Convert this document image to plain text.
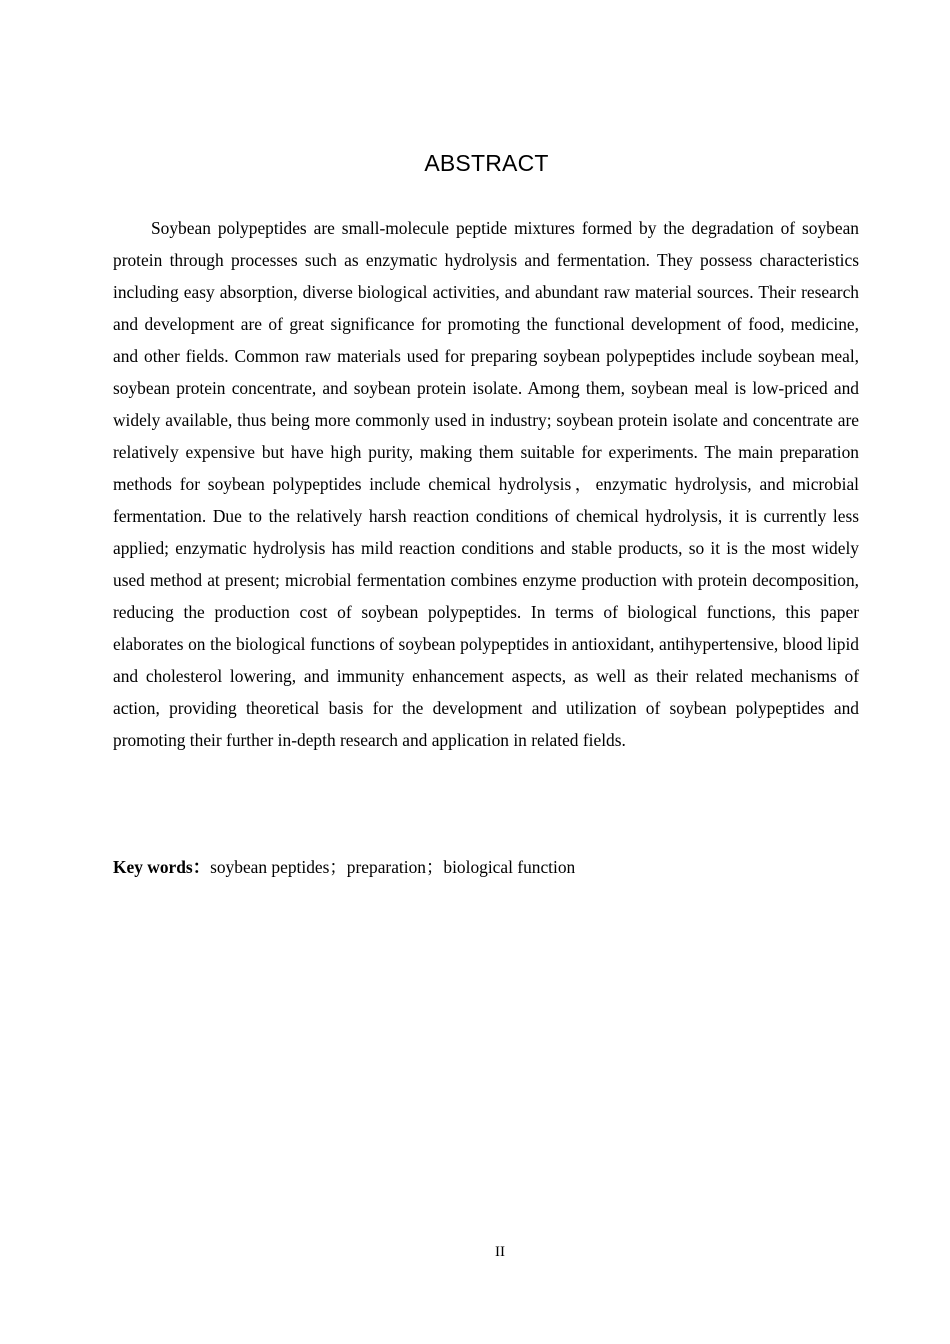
ABSTRACT

Soybean polypeptides are small-molecule peptide mixtures formed by the degradation of soybean protein through processes such as enzymatic hydrolysis and fermentation. They possess characteristics including easy absorption, diverse biological activities, and abundant raw material sources. Their research and development are of great significance for promoting the functional development of food, medicine, and other fields. Common raw materials used for preparing soybean polypeptides include soybean meal, soybean protein concentrate, and soybean protein isolate. Among them, soybean meal is low-priced and widely available, thus being more commonly used in industry; soybean protein isolate and concentrate are relatively expensive but have high purity, making them suitable for experiments. The main preparation methods for soybean polypeptides include chemical hydrolysis，enzymatic hydrolysis, and microbial fermentation. Due to the relatively harsh reaction conditions of chemical hydrolysis, it is currently less applied; enzymatic hydrolysis has mild reaction conditions and stable products, so it is the most widely used method at present; microbial fermentation combines enzyme production with protein decomposition, reducing the production cost of soybean polypeptides. In terms of biological functions, this paper elaborates on the biological functions of soybean polypeptides in antioxidant, antihypertensive, blood lipid and cholesterol lowering, and immunity enhancement aspects, as well as their related mechanisms of action, providing theoretical basis for the development and utilization of soybean polypeptides and promoting their further in-depth research and application in related fields.

Key words：soybean peptides；preparation；biological function
II
